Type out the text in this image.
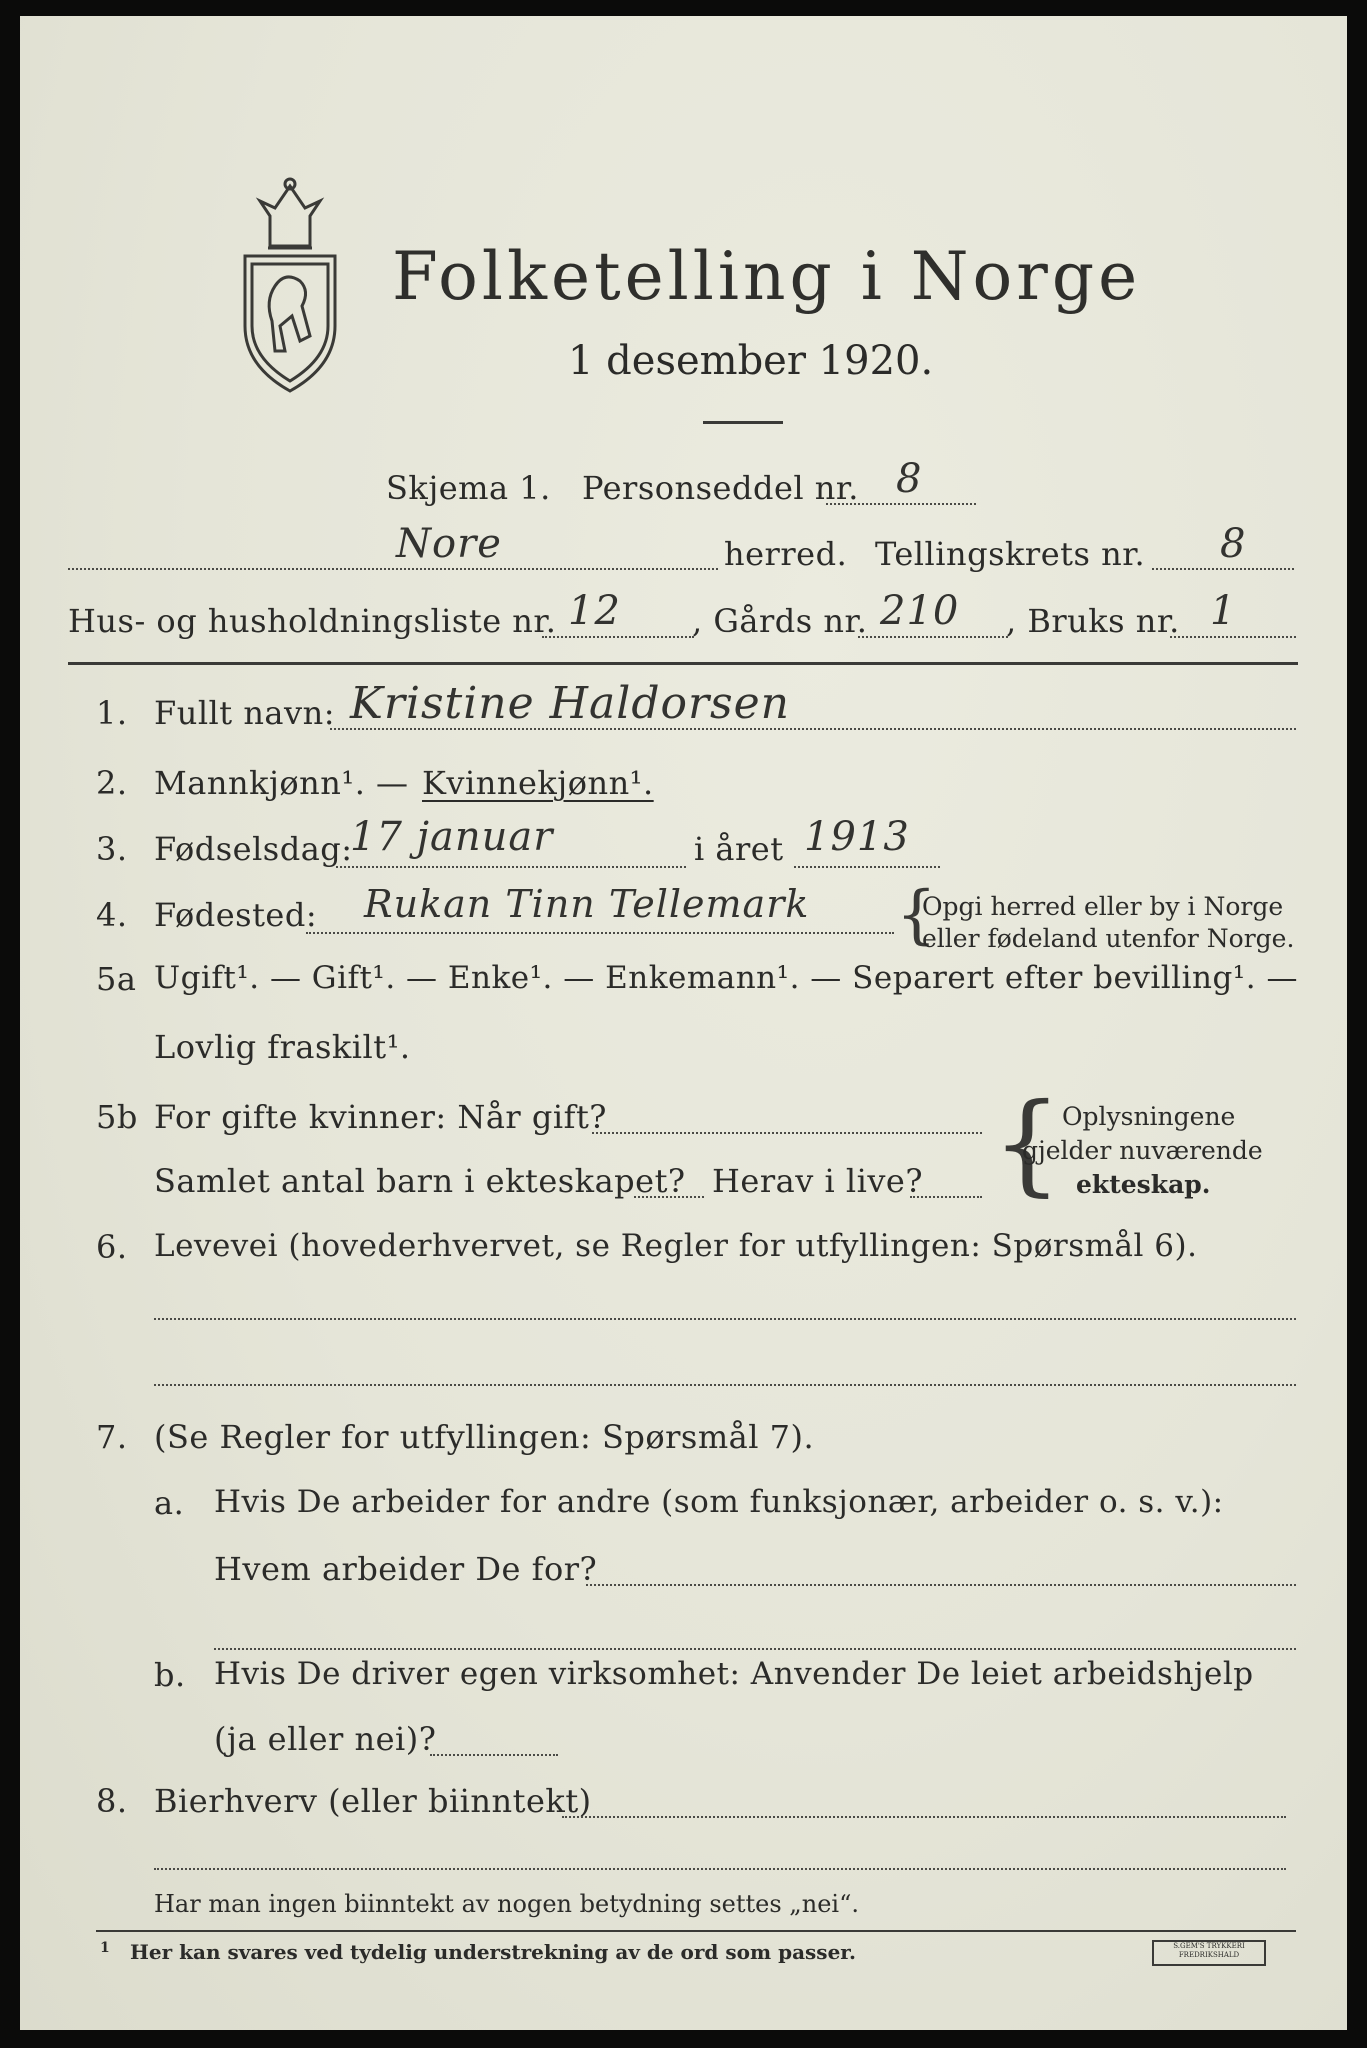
Folketelling i Norge
1 desember 1920.
Skjema 1. Personseddel nr. 8
Nore	herred. Tellingskrets nr. 8
Hus- og husholdningsliste nr. 12 , Gårds nr. 210 , Bruks nr. 1
1. Fullt navn: Kristine Haldorsen
2. Mannkjønn¹. — Kvinnekjønn¹.
3. Fødselsdag:
17 januar	i året 1913
4. Fødested: Rukan Tinn Tellemark {
Opgi herred eller by i Norge
eller fødeland utenfor Norge.
5a Ugift¹. — Gift¹. — Enke¹. — Enkemann¹. — Separert efter bevilling¹. —
Lovlig fraskilt¹.
5b For gifte kvinner: Når gift?
Samlet antal barn i ekteskapet? Herav i live? { Oplysningene
gjelder nuværende
ekteskap.
6. Levevei (hovederhvervet, se Regler for utfyllingen: Spørsmål 6).
7. (Se Regler for utfyllingen: Spørsmål 7).
a. Hvis De arbeider for andre (som funksjonær, arbeider o. s. v.):
Hvem arbeider De for?
b. Hvis De driver egen virksomhet: Anvender De leiet arbeidshjelp
(ja eller nei)?
8. Bierhverv (eller biinntekt)
Har man ingen biinntekt av nogen betydning settes „nei“.
1 Her kan svares ved tydelig understrekning av de ord som passer.	S.GEM'S TRYKKERI FREDRIKSHALD
